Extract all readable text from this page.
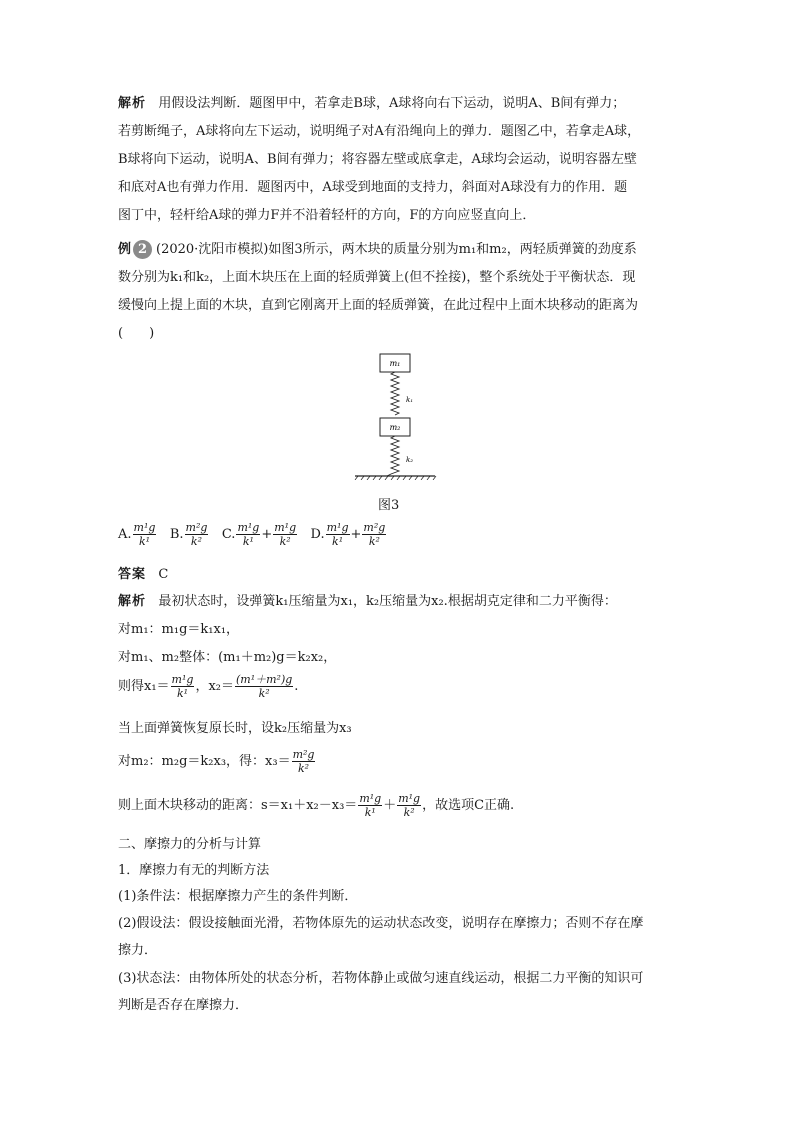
解析 用假设法判断．题图甲中，若拿走B球，A球将向右下运动，说明A、B间有弹力；

若剪断绳子，A球将向左下运动，说明绳子对A有沿绳向上的弹力．题图乙中，若拿走A球，

B球将向下运动，说明A、B间有弹力；将容器左壁或底拿走，A球均会运动，说明容器左壁

和底对A也有弹力作用．题图丙中，A球受到地面的支持力，斜面对A球没有力的作用．题

图丁中，轻杆给A球的弹力F并不沿着轻杆的方向，F的方向应竖直向上．

例 2 (2020·沈阳市模拟)如图3所示，两木块的质量分别为m₁和m₂，两轻质弹簧的劲度系

数分别为k₁和k₂，上面木块压在上面的轻质弹簧上(但不拴接)，整个系统处于平衡状态．现

缓慢向上提上面的木块，直到它刚离开上面的轻质弹簧，在此过程中上面木块移动的距离为

(　　)

m₁
k₁
m₂
k₂
图3
A. $\frac{\text{m¹g}}{\text{k¹}} B$. $\frac{\text{m²g}}{\text{k²}} C$. $\frac{\text{m¹g}}{\text{k¹}} + \frac{\text{m¹g}}{\text{k²}} D$. $\frac{\text{m¹g}}{\text{k¹}} + \frac{\text{m²g}}{\text{k²}}$
答案 C
解析 最初状态时，设弹簧k₁压缩量为x₁，k₂压缩量为x₂.根据胡克定律和二力平衡得：
对m₁：m₁g＝k₁x₁，
对m₁、m₂整体：(m₁＋m₂)g＝k₂x₂，
则得$x_1= \frac{\text{m¹g}}{\text{k¹}}$ ，$x_2= \frac{\text{(m¹＋m²)g}}{\text{k²}}$ .
当上面弹簧恢复原长时，设k₂压缩量为x₃
对m₂：m₂g＝k₂x₃，得：$x_3= \frac{\text{m²g}}{\text{k²}}$
则上面木块移动的距离：$s=x_1+x_2-x_3= \frac{\text{m¹g}}{\text{k¹}} + \frac{\text{m¹g}}{\text{k²}}$ ，故选项C正确.
二、摩擦力的分析与计算
1．摩擦力有无的判断方法
(1)条件法：根据摩擦力产生的条件判断．
(2)假设法：假设接触面光滑，若物体原先的运动状态改变，说明存在摩擦力；否则不存在摩
擦力．
(3)状态法：由物体所处的状态分析，若物体静止或做匀速直线运动，根据二力平衡的知识可
判断是否存在摩擦力．
